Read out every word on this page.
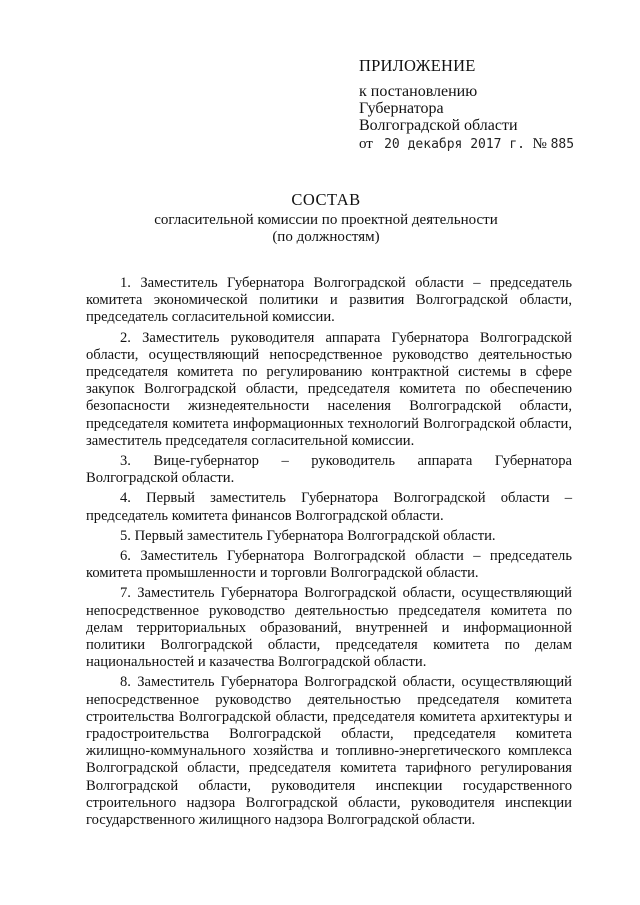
ПРИЛОЖЕНИЕ
к постановлению
Губернатора
Волгоградской области
от 20 декабря 2017 г. № 885
СОСТАВ
согласительной комиссии по проектной деятельности
(по должностям)

1. Заместитель Губернатора Волгоградской области – председатель комитета экономической политики и развития Волгоградской области, председатель согласительной комиссии.

2. Заместитель руководителя аппарата Губернатора Волгоградской области, осуществляющий непосредственное руководство деятельностью председателя комитета по регулированию контрактной системы в сфере закупок Волгоградской области, председателя комитета по обеспечению безопасности жизнедеятельности населения Волгоградской области, председателя комитета информационных технологий Волгоградской области, заместитель председателя согласительной комиссии.

3. Вице-губернатор – руководитель аппарата Губернатора Волгоградской области.

4. Первый заместитель Губернатора Волгоградской области – председатель комитета финансов Волгоградской области.

5. Первый заместитель Губернатора Волгоградской области.

6. Заместитель Губернатора Волгоградской области – председатель комитета промышленности и торговли Волгоградской области.

7. Заместитель Губернатора Волгоградской области, осуществляющий непосредственное руководство деятельностью председателя комитета по делам территориальных образований, внутренней и информационной политики Волгоградской области, председателя комитета по делам национальностей и казачества Волгоградской области.

8. Заместитель Губернатора Волгоградской области, осуществляющий непосредственное руководство деятельностью председателя комитета строительства Волгоградской области, председателя комитета архитектуры и градостроительства Волгоградской области, председателя комитета жилищно-коммунального хозяйства и топливно-энергетического комплекса Волгоградской области, председателя комитета тарифного регулирования Волгоградской области, руководителя инспекции государственного строительного надзора Волгоградской области, руководителя инспекции государственного жилищного надзора Волгоградской области.
